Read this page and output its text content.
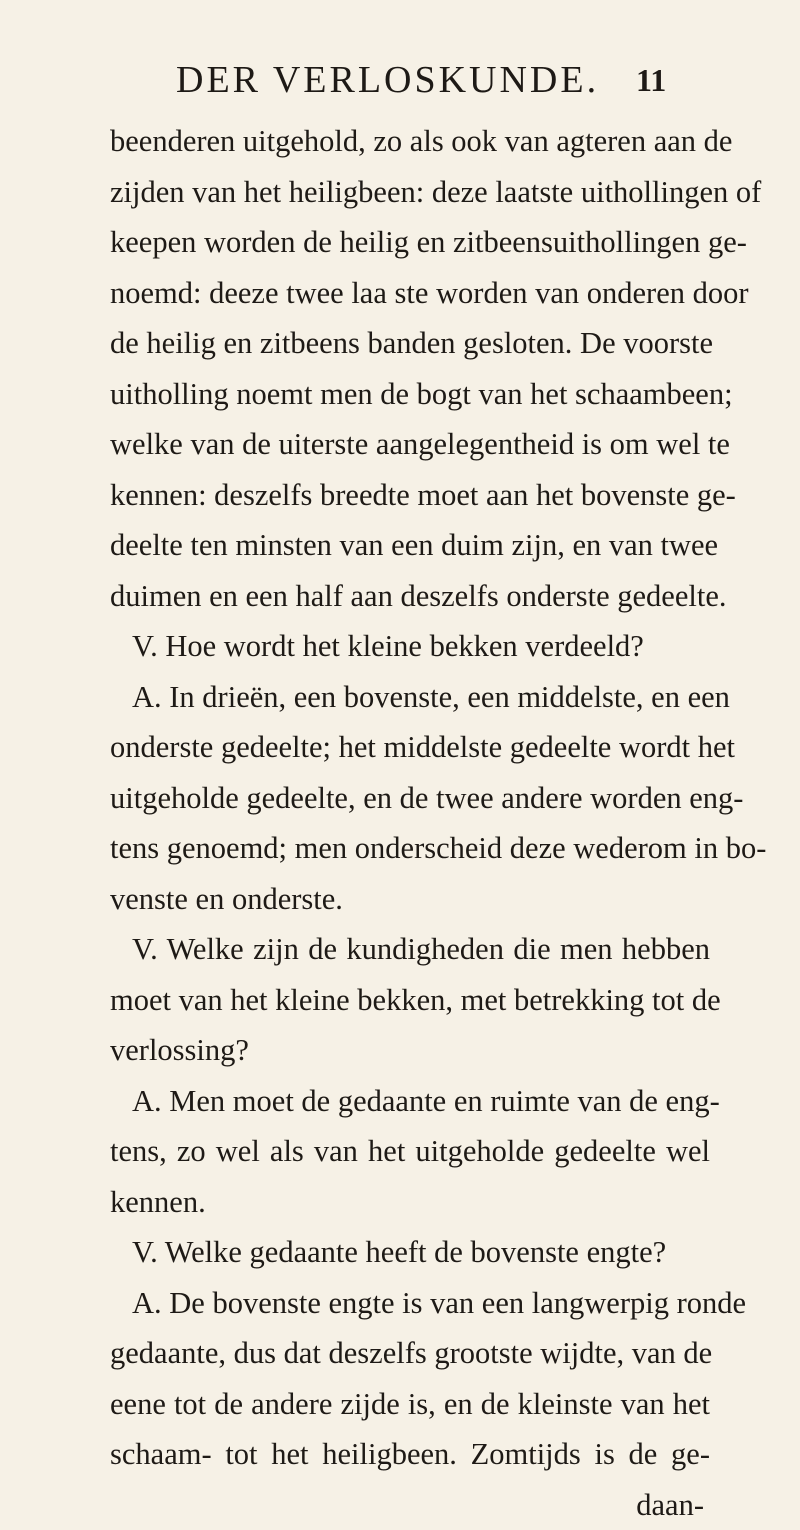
DER VERLOSKUNDE. 11
beenderen uitgehold, zo als ook van agteren aan de
zijden van het heiligbeen: deze laatste uithollingen of
keepen worden de heilig en zitbeensuithollingen ge-
noemd: deeze twee laa ste worden van onderen door
de heilig en zitbeens banden gesloten. De voorste
uitholling noemt men de bogt van het schaambeen;
welke van de uiterste aangelegentheid is om wel te
kennen: deszelfs breedte moet aan het bovenste ge-
deelte ten minsten van een duim zijn, en van twee
duimen en een half aan deszelfs onderste gedeelte.
V. Hoe wordt het kleine bekken verdeeld?
A. In drieën, een bovenste, een middelste, en een
onderste gedeelte; het middelste gedeelte wordt het
uitgeholde gedeelte, en de twee andere worden eng-
tens genoemd; men onderscheid deze wederom in bo-
venste en onderste.
V. Welke zijn de kundigheden die men hebben
moet van het kleine bekken, met betrekking tot de
verlossing?
A. Men moet de gedaante en ruimte van de eng-
tens, zo wel als van het uitgeholde gedeelte wel
kennen.
V. Welke gedaante heeft de bovenste engte?
A. De bovenste engte is van een langwerpig ronde
gedaante, dus dat deszelfs grootste wijdte, van de
eene tot de andere zijde is, en de kleinste van het
schaam- tot het heiligbeen. Zomtijds is de ge-
daan-
